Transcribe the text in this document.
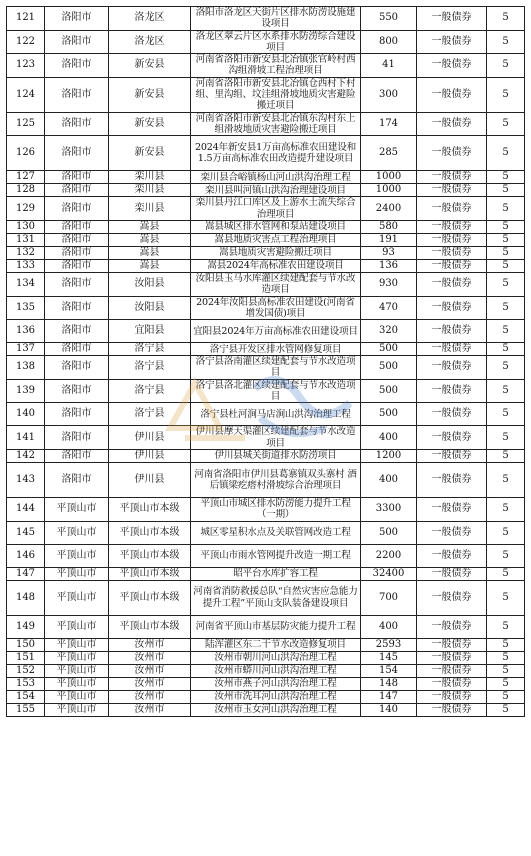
121	洛阳市	洛龙区	洛阳市洛龙区天街片区排水防涝设施建设项目	550	一般债券	5
122	洛阳市	洛龙区	洛龙区翠云片区水系排水防涝综合建设项目	800	一般债券	5
123	洛阳市	新安县	河南省洛阳市新安县北冶镇张官岭村西沟组滑坡工程治理项目	41	一般债券	5
124	洛阳市	新安县	河南省洛阳市新安县北冶镇仓西村下村组、里沟组、坟洼组滑坡地质灾害避险搬迁项目	300	一般债券	5
125	洛阳市	新安县	河南省洛阳市新安县北冶镇东沟村东上组滑坡地质灾害避险搬迁项目	174	一般债券	5
126	洛阳市	新安县	2024年新安县1万亩高标准农田建设和1.5万亩高标准农田改造提升建设项目	285	一般债券	5
127	洛阳市	栾川县	栾川县合峪镇杨山河山洪沟治理工程	1000	一般债券	5
128	洛阳市	栾川县	栾川县叫河镇山洪沟治理建设项目	1000	一般债券	5
129	洛阳市	栾川县	栾川县丹江口库区及上游水土流失综合治理项目	2400	一般债券	5
130	洛阳市	嵩县	嵩县城区排水管网和泵站建设项目	580	一般债券	5
131	洛阳市	嵩县	嵩县地质灾害点工程治理项目	191	一般债券	5
132	洛阳市	嵩县	嵩县地质灾害避险搬迁项目	93	一般债券	5
133	洛阳市	嵩县	嵩县2024年高标准农田建设项目	136	一般债券	5
134	洛阳市	汝阳县	汝阳县玉马水库灌区续建配套与节水改造项目	930	一般债券	5
135	洛阳市	汝阳县	2024年汝阳县高标准农田建设(河南省增发国债)项目	470	一般债券	5
136	洛阳市	宜阳县	宜阳县2024年万亩高标准农田建设项目	320	一般债券	5
137	洛阳市	洛宁县	洛宁县开发区排水管网修复项目	500	一般债券	5
138	洛阳市	洛宁县	洛宁县洛南灌区续建配套与节水改造项目	500	一般债券	5
139	洛阳市	洛宁县	洛宁县洛北灌区续建配套与节水改造项目	500	一般债券	5
140	洛阳市	洛宁县	洛宁县杜河涧马店涧山洪沟治理工程	500	一般债券	5
141	洛阳市	伊川县	伊川县摩天渠灌区续建配套与节水改造项目	400	一般债券	5
142	洛阳市	伊川县	伊川县城关街道排水防涝项目	1200	一般债券	5
143	洛阳市	伊川县	河南省洛阳市伊川县葛寨镇双头寨村 酒后镇梁疙瘩村滑坡综合治理项目	400	一般债券	5
144	平顶山市	平顶山市本级	平顶山市城区排水防涝能力提升工程（一期）	3300	一般债券	5
145	平顶山市	平顶山市本级	城区零星积水点及关联管网改造工程	500	一般债券	5
146	平顶山市	平顶山市本级	平顶山市雨水管网提升改造一期工程	2200	一般债券	5
147	平顶山市	平顶山市本级	昭平台水库扩容工程	32400	一般债券	5
148	平顶山市	平顶山市本级	河南省消防救援总队“自然灾害应急能力提升工程”平顶山支队装备建设项目	700	一般债券	5
149	平顶山市	平顶山市本级	河南省平顶山市基层防灾能力提升工程	400	一般债券	5
150	平顶山市	汝州市	陆浑灌区东二干节水改造修复项目	2593	一般债券	5
151	平顶山市	汝州市	汝州市朝川河山洪沟治理工程	145	一般债券	5
152	平顶山市	汝州市	汝州市蟒川河山洪沟治理工程	154	一般债券	5
153	平顶山市	汝州市	汝州市燕子河山洪沟治理工程	148	一般债券	5
154	平顶山市	汝州市	汝州市洗耳河山洪沟治理工程	147	一般债券	5
155	平顶山市	汝州市	汝州市玉女河山洪沟治理工程	140	一般债券	5
